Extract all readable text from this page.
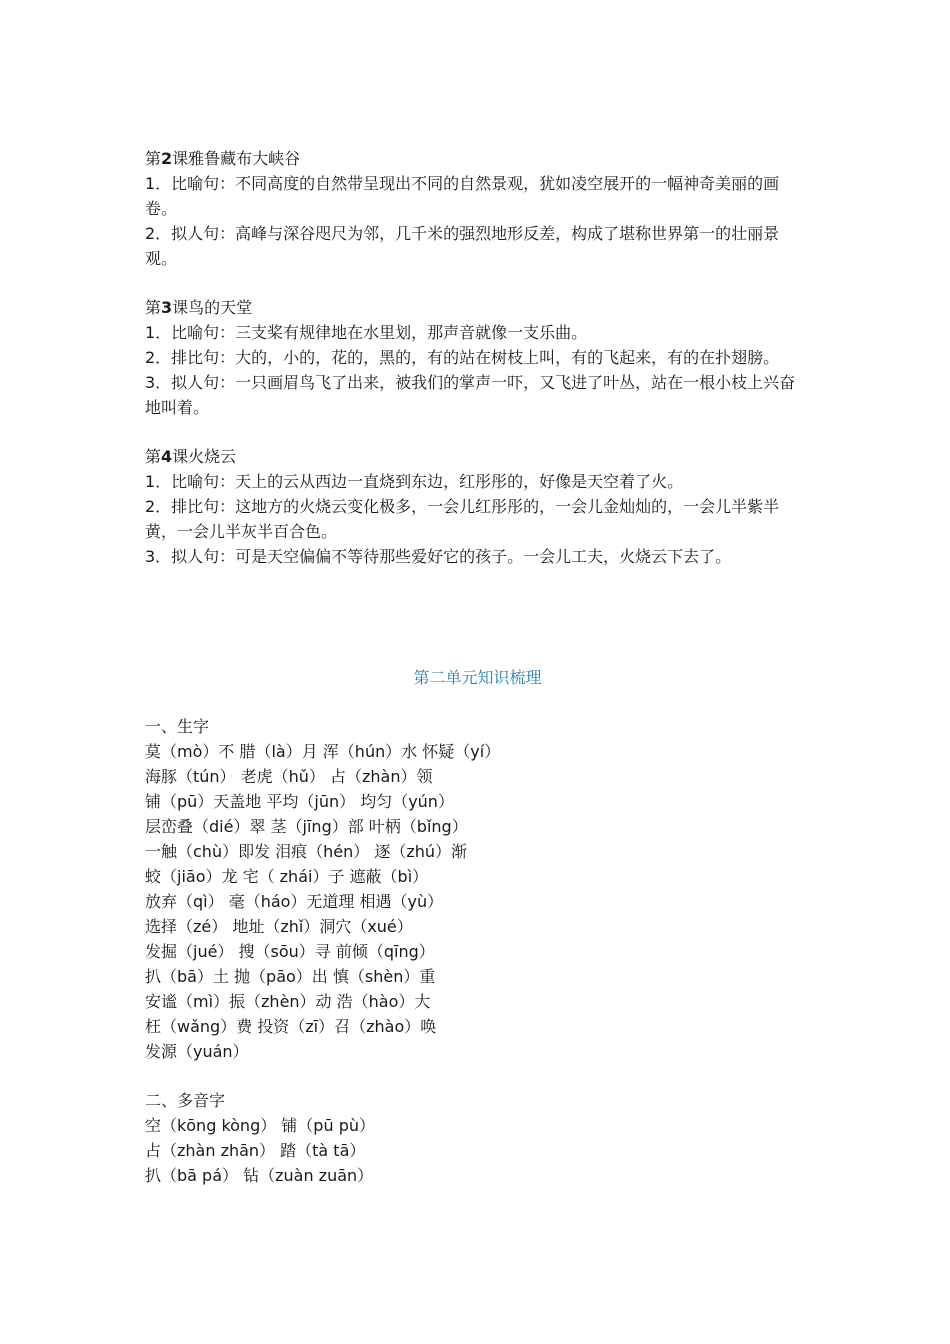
第2课雅鲁藏布大峡谷

1．比喻句：不同高度的自然带呈现出不同的自然景观，犹如凌空展开的一幅神奇美丽的画卷。

2．拟人句：高峰与深谷咫尺为邻，几千米的强烈地形反差，构成了堪称世界第一的壮丽景观。

第3课鸟的天堂

1．比喻句：三支桨有规律地在水里划，那声音就像一支乐曲。

2．排比句：大的，小的，花的，黑的，有的站在树枝上叫，有的飞起来，有的在扑翅膀。

3．拟人句：一只画眉鸟飞了出来，被我们的掌声一吓，又飞进了叶丛，站在一根小枝上兴奋地叫着。

第4课火烧云

1．比喻句：天上的云从西边一直烧到东边，红彤彤的，好像是天空着了火。

2．排比句：这地方的火烧云变化极多，一会儿红彤彤的，一会儿金灿灿的，一会儿半紫半黄，一会儿半灰半百合色。

3．拟人句：可是天空偏偏不等待那些爱好它的孩子。一会儿工夫，火烧云下去了。

第二单元知识梳理

一、生字

莫（mò）不 腊（là）月 浑（hún）水 怀疑（yí）

海豚（tún） 老虎（hǔ） 占（zhàn）领

铺（pū）天盖地 平均（jūn） 均匀（yún）

层峦叠（dié）翠 茎（jīng）部 叶柄（bǐng）

一触（chù）即发 泪痕（hén） 逐（zhú）渐

蛟（jiāo）龙 宅（ zhái）子 遮蔽（bì）

放弃（qì） 毫（háo）无道理 相遇（yù）

选择（zé） 地址（zhǐ）洞穴（xué）

发掘（jué） 搜（sōu）寻 前倾（qīng）

扒（bā）土 抛（pāo）出 慎（shèn）重

安谧（mì）振（zhèn）动 浩（hào）大

枉（wǎng）费 投资（zī）召（zhào）唤

发源（yuán）

二、多音字

空（kōng kòng） 铺（pū pù）

占（zhàn zhān） 踏（tà tā）

扒（bā pá） 钻（zuàn zuān）
